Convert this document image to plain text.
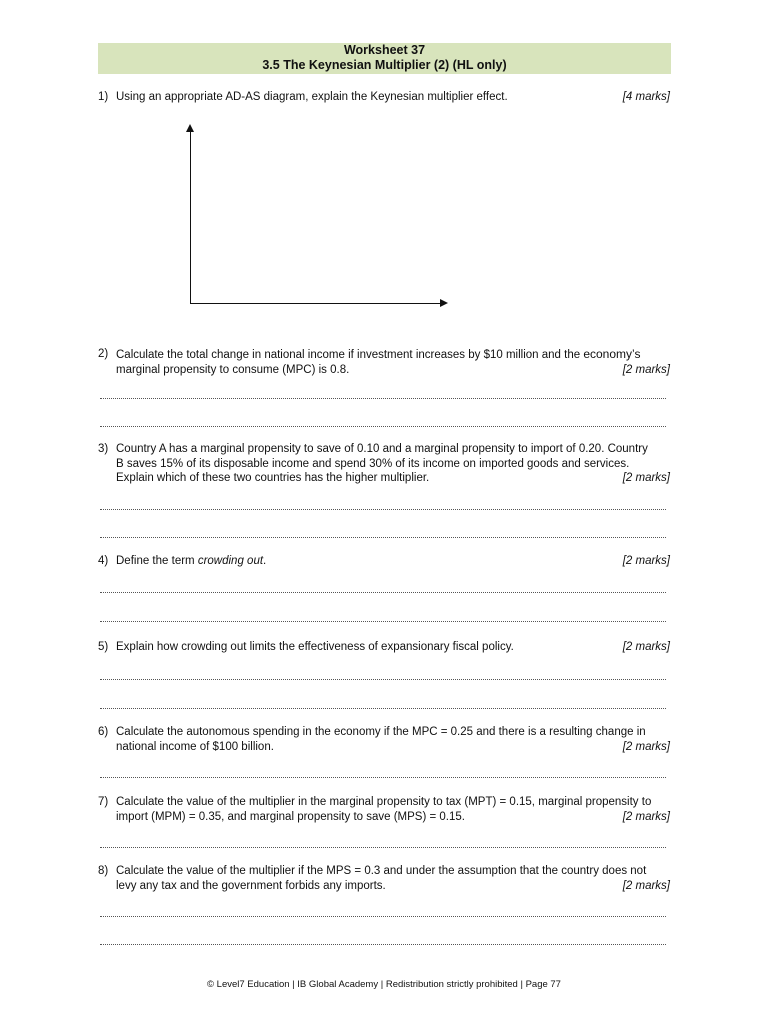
Worksheet 37
3.5 The Keynesian Multiplier (2) (HL only)
1) Using an appropriate AD-AS diagram, explain the Keynesian multiplier effect.	[4 marks]
2) Calculate the total change in national income if investment increases by $10 million and the economy’s
marginal propensity to consume (MPC) is 0.8.	[2 marks]
3) Country A has a marginal propensity to save of 0.10 and a marginal propensity to import of 0.20. Country
B saves 15% of its disposable income and spend 30% of its income on imported goods and services.
Explain which of these two countries has the higher multiplier.	[2 marks]
4) Define the term crowding out.	[2 marks]
5) Explain how crowding out limits the effectiveness of expansionary fiscal policy.	[2 marks]
6) Calculate the autonomous spending in the economy if the MPC = 0.25 and there is a resulting change in
national income of $100 billion.	[2 marks]
7) Calculate the value of the multiplier in the marginal propensity to tax (MPT) = 0.15, marginal propensity to
import (MPM) = 0.35, and marginal propensity to save (MPS) = 0.15.	[2 marks]
8) Calculate the value of the multiplier if the MPS = 0.3 and under the assumption that the country does not
levy any tax and the government forbids any imports.	[2 marks]
© Level7 Education | IB Global Academy | Redistribution strictly prohibited | Page 77
